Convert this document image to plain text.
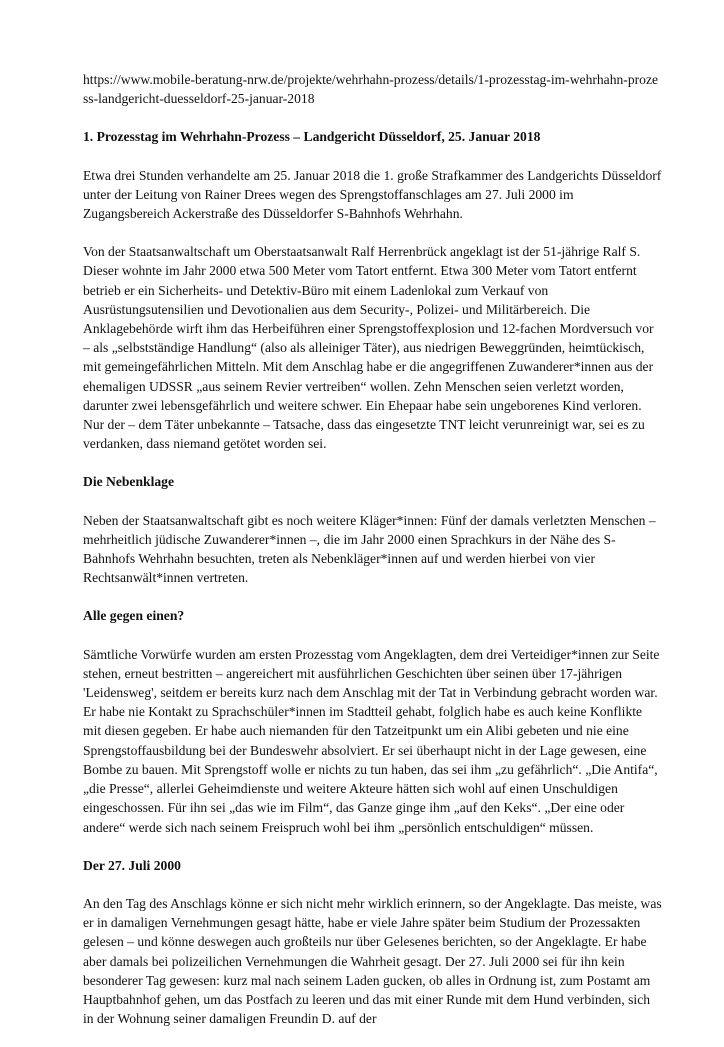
https://www.mobile-beratung-nrw.de/projekte/wehrhahn-prozess/details/1-prozesstag-im-wehrhahn-prozess-landgericht-duesseldorf-25-januar-2018

1. Prozesstag im Wehrhahn-Prozess – Landgericht Düsseldorf, 25. Januar 2018

Etwa drei Stunden verhandelte am 25. Januar 2018 die 1. große Strafkammer des Landgerichts Düsseldorf unter der Leitung von Rainer Drees wegen des Sprengstoffanschlages am 27. Juli 2000 im Zugangsbereich Ackerstraße des Düsseldorfer S-Bahnhofs Wehrhahn.

Von der Staatsanwaltschaft um Oberstaatsanwalt Ralf Herrenbrück angeklagt ist der 51-jährige Ralf S. Dieser wohnte im Jahr 2000 etwa 500 Meter vom Tatort entfernt. Etwa 300 Meter vom Tatort entfernt betrieb er ein Sicherheits- und Detektiv-Büro mit einem Ladenlokal zum Verkauf von Ausrüstungsutensilien und Devotionalien aus dem Security-, Polizei- und Militärbereich. Die Anklagebehörde wirft ihm das Herbeiführen einer Sprengstoffexplosion und 12-fachen Mordversuch vor – als „selbstständige Handlung“ (also als alleiniger Täter), aus niedrigen Beweggründen, heimtückisch, mit gemeingefährlichen Mitteln. Mit dem Anschlag habe er die angegriffenen Zuwanderer*innen aus der ehemaligen UDSSR „aus seinem Revier vertreiben“ wollen. Zehn Menschen seien verletzt worden, darunter zwei lebensgefährlich und weitere schwer. Ein Ehepaar habe sein ungeborenes Kind verloren. Nur der – dem Täter unbekannte – Tatsache, dass das eingesetzte TNT leicht verunreinigt war, sei es zu verdanken, dass niemand getötet worden sei.

Die Nebenklage

Neben der Staatsanwaltschaft gibt es noch weitere Kläger*innen: Fünf der damals verletzten Menschen – mehrheitlich jüdische Zuwanderer*innen –, die im Jahr 2000 einen Sprachkurs in der Nähe des S-Bahnhofs Wehrhahn besuchten, treten als Nebenkläger*innen auf und werden hierbei von vier Rechtsanwält*innen vertreten.

Alle gegen einen?

Sämtliche Vorwürfe wurden am ersten Prozesstag vom Angeklagten, dem drei Verteidiger*innen zur Seite stehen, erneut bestritten – angereichert mit ausführlichen Geschichten über seinen über 17-jährigen 'Leidensweg', seitdem er bereits kurz nach dem Anschlag mit der Tat in Verbindung gebracht worden war. Er habe nie Kontakt zu Sprachschüler*innen im Stadtteil gehabt, folglich habe es auch keine Konflikte mit diesen gegeben. Er habe auch niemanden für den Tatzeitpunkt um ein Alibi gebeten und nie eine Sprengstoffausbildung bei der Bundeswehr absolviert. Er sei überhaupt nicht in der Lage gewesen, eine Bombe zu bauen. Mit Sprengstoff wolle er nichts zu tun haben, das sei ihm „zu gefährlich“. „Die Antifa“, „die Presse“, allerlei Geheimdienste und weitere Akteure hätten sich wohl auf einen Unschuldigen eingeschossen. Für ihn sei „das wie im Film“, das Ganze ginge ihm „auf den Keks“. „Der eine oder andere“ werde sich nach seinem Freispruch wohl bei ihm „persönlich entschuldigen“ müssen.

Der 27. Juli 2000

An den Tag des Anschlags könne er sich nicht mehr wirklich erinnern, so der Angeklagte. Das meiste, was er in damaligen Vernehmungen gesagt hätte, habe er viele Jahre später beim Studium der Prozessakten gelesen – und könne deswegen auch großteils nur über Gelesenes berichten, so der Angeklagte. Er habe aber damals bei polizeilichen Vernehmungen die Wahrheit gesagt. Der 27. Juli 2000 sei für ihn kein besonderer Tag gewesen: kurz mal nach seinem Laden gucken, ob alles in Ordnung ist, zum Postamt am Hauptbahnhof gehen, um das Postfach zu leeren und das mit einer Runde mit dem Hund verbinden, sich in der Wohnung seiner damaligen Freundin D. auf der
